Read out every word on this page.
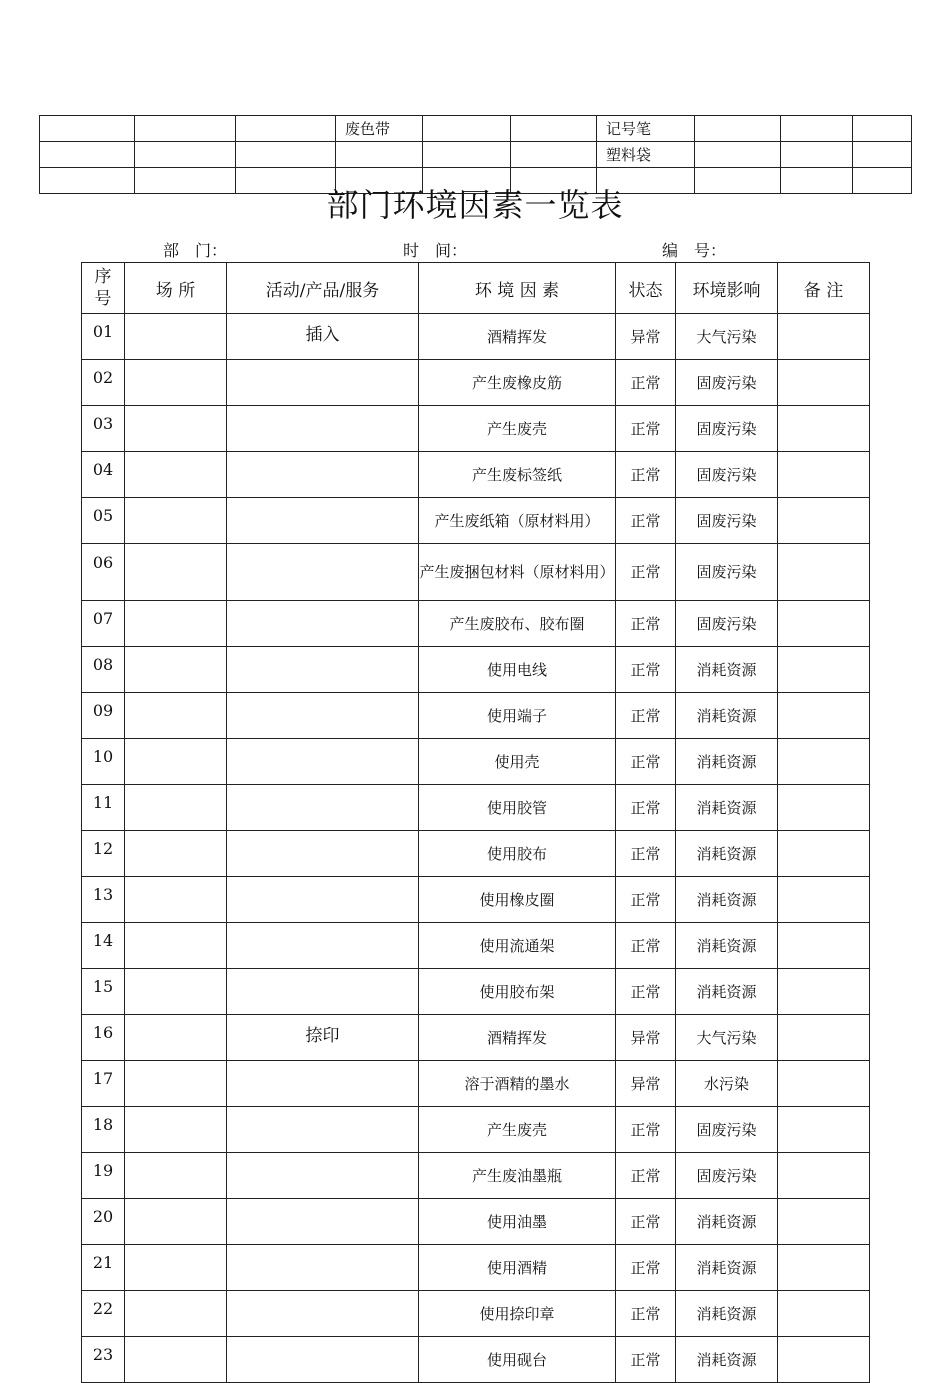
			废色带			记号笔			
						塑料袋			

部门环境因素一览表
部　门：	时　间：	编　号：
序号	场 所	活动/产品/服务	环 境 因 素	状态	环境影响	备 注
01		插入	酒精挥发	异常	大气污染	
02			产生废橡皮筋	正常	固废污染	
03			产生废壳	正常	固废污染	
04			产生废标签纸	正常	固废污染	
05			产生废纸箱（原材料用）	正常	固废污染	
06			产生废捆包材料（原材料用）	正常	固废污染	
07			产生废胶布、胶布圈	正常	固废污染	
08			使用电线	正常	消耗资源	
09			使用端子	正常	消耗资源	
10			使用壳	正常	消耗资源	
11			使用胶管	正常	消耗资源	
12			使用胶布	正常	消耗资源	
13			使用橡皮圈	正常	消耗资源	
14			使用流通架	正常	消耗资源	
15			使用胶布架	正常	消耗资源	
16		捺印	酒精挥发	异常	大气污染	
17			溶于酒精的墨水	异常	水污染	
18			产生废壳	正常	固废污染	
19			产生废油墨瓶	正常	固废污染	
20			使用油墨	正常	消耗资源	
21			使用酒精	正常	消耗资源	
22			使用捺印章	正常	消耗资源	
23			使用砚台	正常	消耗资源	
